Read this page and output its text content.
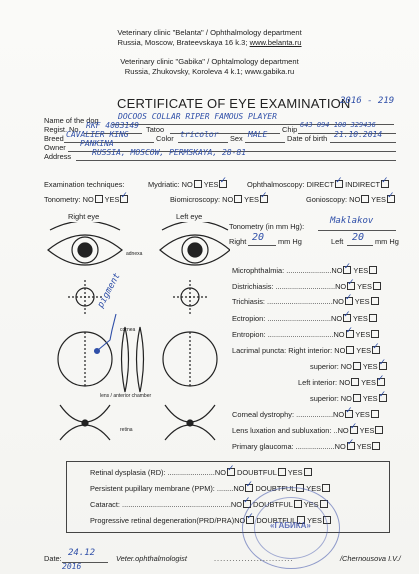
Veterinary clinic "Belanta" / Ophthalmology department
Russia, Moscow, Brateevskaya 16 k.3; www.belanta.ru
Veterinary clinic "Gabika" / Ophtalmology department
Russia, Zhukovsky, Koroleva 4 k.1; www.gabika.ru
CERTIFICATE OF EYE EXAMINATION
2016 - 219
Name of the dog DOCOOS COLLAR RIPER FAMOUS PLAYER
Regist. No. RKF 4083149 Tatoo	Chip 643 094 100 329436
Breed CAVALIER KING	Color tricolor Sex MALE	Date of birth 21.10.2014
Owner PANKINA
Address	RUSSIA, MOSCOW, PERMSKAYA, 28-81
Examination techniques:	Mydriatic: NO YES ✓	Ophthalmoscopy: DIRECT ✓ INDIRECT✓
Tonometry: NO YES ✓	Biomicroscopy: NO YES ✓	Gonioscopy: NO YES✓
Right eye	Left eye
adnexa
cornea
lens / anterior chamber
retina
pigment
Tonometry (in mm Hg):
Maklakov
Right 20 mm Hg	Left 20 mm Hg
Microphthalmia: ......................NO ✓ YES
Districhiasis: .............................NO ✓ YES
Trichiasis: ................................NO ✓ YES
Ectropion: ...............................NO ✓ YES
Entropion: ................................NO ✓ YES
Lacrimal puncta: Right interior: NO YES✓
superior: NO YES✓
Left interior: NO YES✓
superior: NO YES✓
Corneal dystrophy: ..................NO ✓ YES
Lens luxation and subluxation: ..NO ✓ YES
Primary glaucoma: ...................NO ✓ YES
Retinal dysplasia (RD): .......................NO ✓ DOUBTFUL YES
Persistent pupillary membrane (PPM): ........NO ✓ DOUBTFUL YES
Cataract: .....................................................NO ✓ DOUBTFUL YES
Progressive retinal degeneration(PRD/PRA)NO ✓ DOUBTFUL YES
«ГАБИКА»
Date:
24.12
2016
Veter.ophthalmologist	..........................	/Chernousova I.V./
